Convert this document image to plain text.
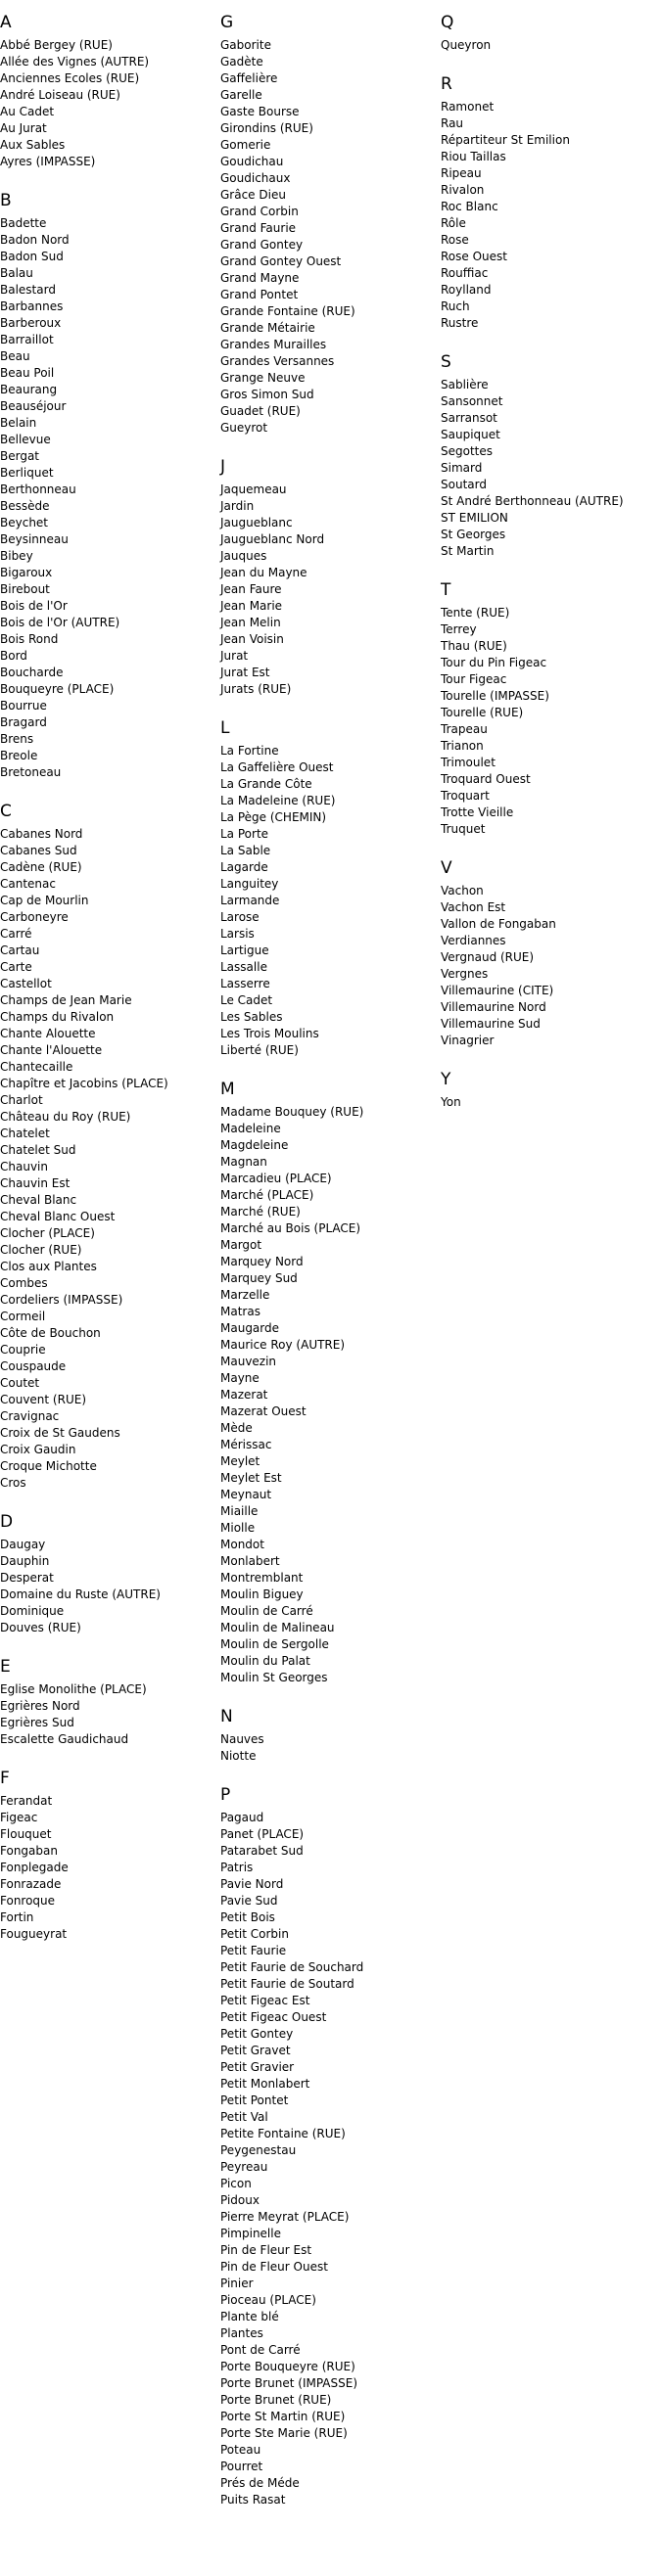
A
Abbé Bergey (RUE)
Allée des Vignes (AUTRE)
Anciennes Ecoles (RUE)
André Loiseau (RUE)
Au Cadet
Au Jurat
Aux Sables
Ayres (IMPASSE)
B
Badette
Badon Nord
Badon Sud
Balau
Balestard
Barbannes
Barberoux
Barraillot
Beau
Beau Poil
Beaurang
Beauséjour
Belain
Bellevue
Bergat
Berliquet
Berthonneau
Bessède
Beychet
Beysinneau
Bibey
Bigaroux
Birebout
Bois de l'Or
Bois de l'Or (AUTRE)
Bois Rond
Bord
Boucharde
Bouqueyre (PLACE)
Bourrue
Bragard
Brens
Breole
Bretoneau
C
Cabanes Nord
Cabanes Sud
Cadène (RUE)
Cantenac
Cap de Mourlin
Carboneyre
Carré
Cartau
Carte
Castellot
Champs de Jean Marie
Champs du Rivalon
Chante Alouette
Chante l'Alouette
Chantecaille
Chapître et Jacobins (PLACE)
Charlot
Château du Roy (RUE)
Chatelet
Chatelet Sud
Chauvin
Chauvin Est
Cheval Blanc
Cheval Blanc Ouest
Clocher (PLACE)
Clocher (RUE)
Clos aux Plantes
Combes
Cordeliers (IMPASSE)
Cormeil
Côte de Bouchon
Couprie
Couspaude
Coutet
Couvent (RUE)
Cravignac
Croix de St Gaudens
Croix Gaudin
Croque Michotte
Cros
D
Daugay
Dauphin
Desperat
Domaine du Ruste (AUTRE)
Dominique
Douves (RUE)
E
Eglise Monolithe (PLACE)
Egrières Nord
Egrières Sud
Escalette Gaudichaud
F
Ferandat
Figeac
Flouquet
Fongaban
Fonplegade
Fonrazade
Fonroque
Fortin
Fougueyrat
G
Gaborite
Gadète
Gaffelière
Garelle
Gaste Bourse
Girondins (RUE)
Gomerie
Goudichau
Goudichaux
Grâce Dieu
Grand Corbin
Grand Faurie
Grand Gontey
Grand Gontey Ouest
Grand Mayne
Grand Pontet
Grande Fontaine (RUE)
Grande Métairie
Grandes Murailles
Grandes Versannes
Grange Neuve
Gros Simon Sud
Guadet (RUE)
Gueyrot
J
Jaquemeau
Jardin
Jaugueblanc
Jaugueblanc Nord
Jauques
Jean du Mayne
Jean Faure
Jean Marie
Jean Melin
Jean Voisin
Jurat
Jurat Est
Jurats (RUE)
L
La Fortine
La Gaffelière Ouest
La Grande Côte
La Madeleine (RUE)
La Pège (CHEMIN)
La Porte
La Sable
Lagarde
Languitey
Larmande
Larose
Larsis
Lartigue
Lassalle
Lasserre
Le Cadet
Les Sables
Les Trois Moulins
Liberté (RUE)
M
Madame Bouquey (RUE)
Madeleine
Magdeleine
Magnan
Marcadieu (PLACE)
Marché (PLACE)
Marché (RUE)
Marché au Bois (PLACE)
Margot
Marquey Nord
Marquey Sud
Marzelle
Matras
Maugarde
Maurice Roy (AUTRE)
Mauvezin
Mayne
Mazerat
Mazerat Ouest
Mède
Mérissac
Meylet
Meylet Est
Meynaut
Miaille
Miolle
Mondot
Monlabert
Montremblant
Moulin Biguey
Moulin de Carré
Moulin de Malineau
Moulin de Sergolle
Moulin du Palat
Moulin St Georges
N
Nauves
Niotte
P
Pagaud
Panet (PLACE)
Patarabet Sud
Patris
Pavie Nord
Pavie Sud
Petit Bois
Petit Corbin
Petit Faurie
Petit Faurie de Souchard
Petit Faurie de Soutard
Petit Figeac Est
Petit Figeac Ouest
Petit Gontey
Petit Gravet
Petit Gravier
Petit Monlabert
Petit Pontet
Petit Val
Petite Fontaine (RUE)
Peygenestau
Peyreau
Picon
Pidoux
Pierre Meyrat (PLACE)
Pimpinelle
Pin de Fleur Est
Pin de Fleur Ouest
Pinier
Pioceau (PLACE)
Plante blé
Plantes
Pont de Carré
Porte Bouqueyre (RUE)
Porte Brunet (IMPASSE)
Porte Brunet (RUE)
Porte St Martin (RUE)
Porte Ste Marie (RUE)
Poteau
Pourret
Prés de Méde
Puits Rasat
Q
Queyron
R
Ramonet
Rau
Répartiteur St Emilion
Riou Taillas
Ripeau
Rivalon
Roc Blanc
Rôle
Rose
Rose Ouest
Rouffiac
Roylland
Ruch
Rustre
S
Sablière
Sansonnet
Sarransot
Saupiquet
Segottes
Simard
Soutard
St André Berthonneau (AUTRE)
ST EMILION
St Georges
St Martin
T
Tente (RUE)
Terrey
Thau (RUE)
Tour du Pin Figeac
Tour Figeac
Tourelle (IMPASSE)
Tourelle (RUE)
Trapeau
Trianon
Trimoulet
Troquard Ouest
Troquart
Trotte Vieille
Truquet
V
Vachon
Vachon Est
Vallon de Fongaban
Verdiannes
Vergnaud (RUE)
Vergnes
Villemaurine (CITE)
Villemaurine Nord
Villemaurine Sud
Vinagrier
Y
Yon
